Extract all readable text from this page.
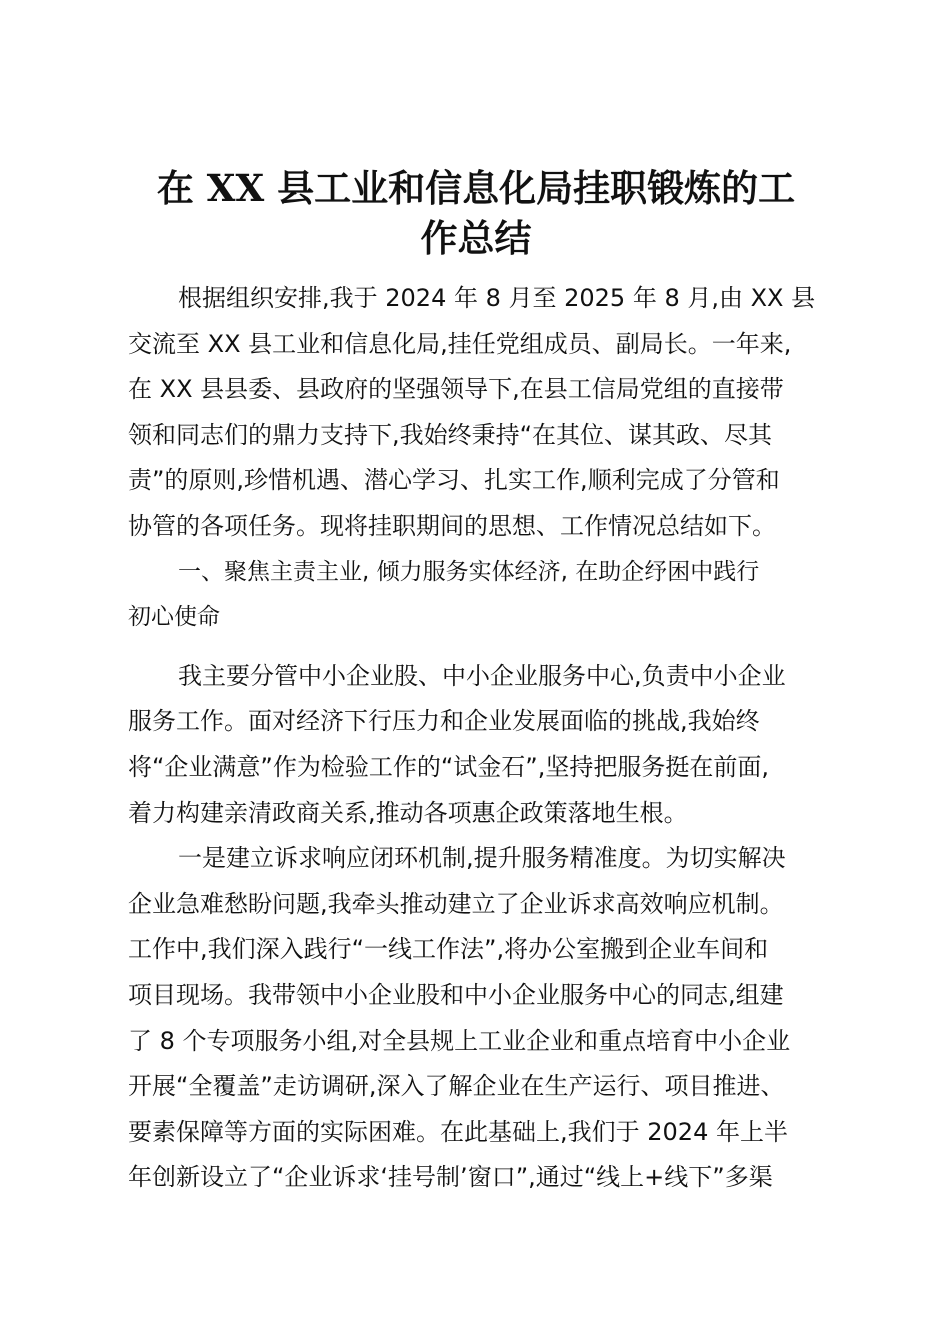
在 XX 县工业和信息化局挂职锻炼的工
作总结
根据组织安排,我于 2024 年 8 月至 2025 年 8 月,由 XX 县
交流至 XX 县工业和信息化局,挂任党组成员、副局长。一年来,
在 XX 县县委、县政府的坚强领导下,在县工信局党组的直接带
领和同志们的鼎力支持下,我始终秉持“在其位、谋其政、尽其
责”的原则,珍惜机遇、潜心学习、扎实工作,顺利完成了分管和
协管的各项任务。现将挂职期间的思想、工作情况总结如下。
一、聚焦主责主业, 倾力服务实体经济, 在助企纾困中践行
初心使命
我主要分管中小企业股、中小企业服务中心,负责中小企业
服务工作。面对经济下行压力和企业发展面临的挑战,我始终
将“企业满意”作为检验工作的“试金石”,坚持把服务挺在前面,
着力构建亲清政商关系,推动各项惠企政策落地生根。
一是建立诉求响应闭环机制,提升服务精准度。为切实解决
企业急难愁盼问题,我牵头推动建立了企业诉求高效响应机制。
工作中,我们深入践行“一线工作法”,将办公室搬到企业车间和
项目现场。我带领中小企业股和中小企业服务中心的同志,组建
了 8 个专项服务小组,对全县规上工业企业和重点培育中小企业
开展“全覆盖”走访调研,深入了解企业在生产运行、项目推进、
要素保障等方面的实际困难。在此基础上,我们于 2024 年上半
年创新设立了“企业诉求‘挂号制’窗口”,通过“线上+线下”多渠
